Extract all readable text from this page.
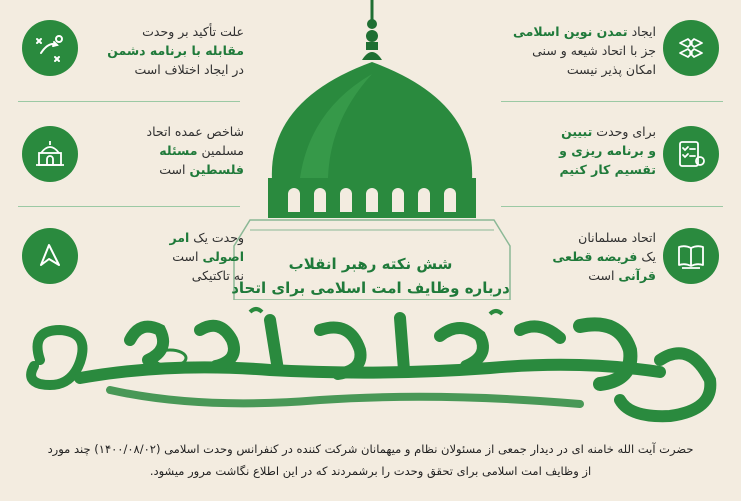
علت تأکید بر وحدت
مقابله با برنامه دشمن
در ایجاد اختلاف است
شاخص عمده اتحاد
مسلمین مسئله
فلسطین است
وحدت یک امر
اصولی است
نه تاکتیکی
ایجاد تمدن نوین اسلامی
جز با اتحاد شیعه و سنی
امکان پذیر نیست
برای وحدت تبیین
و برنامه ریزی و
تقسیم کار کنیم
اتحاد مسلمانان
یک فریضه قطعی
قرآنی است
شش نکته رهبر انقلاب
درباره وظایف امت اسلامی برای اتحاد
حضرت آیت الله خامنه ای در دیدار جمعی از مسئولان نظام و میهمانان شرکت کننده در کنفرانس وحدت اسلامی (۱۴۰۰/۰۸/۰۲) چند مورد
از وظایف امت اسلامی برای تحقق وحدت را برشمردند که در این اطلاع نگاشت مرور میشود.
